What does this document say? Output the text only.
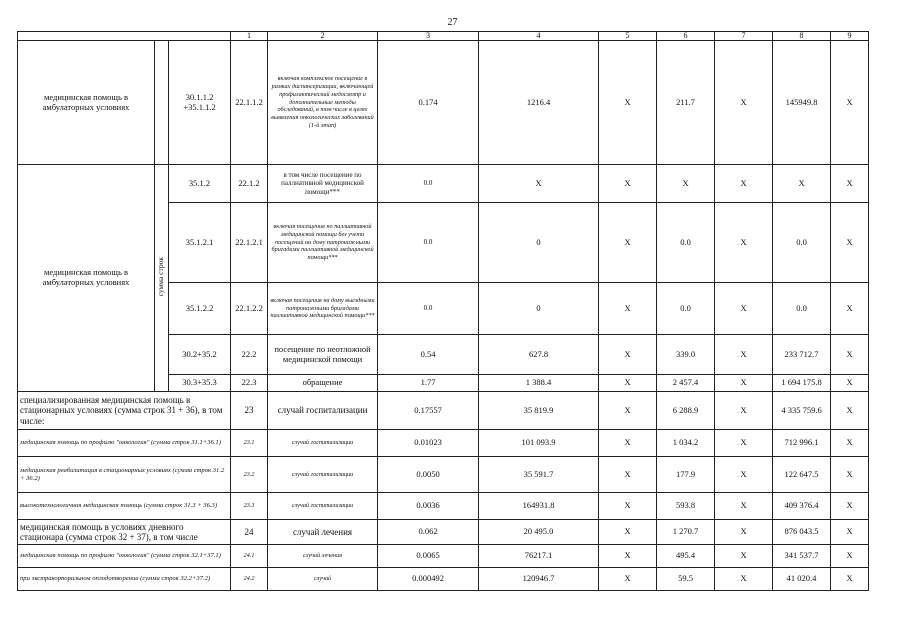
27
			1	2	3	4	5	6	7	8	9
медицинская помощь в амбулаторных условиях		30.1.1.2 +35.1.1.2	22.1.1.2	включая комплексное посещение в рамках диспансеризации, включающей профилактический медосмотр и дополнительные методы обследований, в том числе в целях выявления онкологических заболеваний (1-й этап)	0.174	1216.4	X	211.7	X	145949.8	X
медицинская помощь в амбулаторных условиях	сумма строк	35.1.2	22.1.2	в том числе посещение по паллиативной медицинской помощи***	0.0	X	X	X	X	X	X
		35.1.2.1	22.1.2.1	включая посещения по паллиативной медицинской помощи без учета посещений на дому патронажными бригадами паллиативной медицинской помощи***	0.0	0	X	0.0	X	0.0	X
		35.1.2.2	22.1.2.2	включая посещения на дому выездными патронажными бригадами паллиативной медицинской помощи***	0.0	0	X	0.0	X	0.0	X
		30.2+35.2	22.2	посещение по неотложной медицинской помощи	0.54	627.8	X	339.0	X	233 712.7	X
		30.3+35.3	22.3	обращение	1.77	1 388.4	X	2 457.4	X	1 694 175.8	X
специализированная медицинская помощь в стационарных условиях (сумма строк 31 + 36), в том числе:			23	случай госпитализации	0.17557	35 819.9	X	6 288.9	X	4 335 759.6	X
медицинская помощь по профилю "онкология" (сумма строк 31.1+36.1)			23.1	случай госпитализации	0.01023	101 093.9	X	1 034.2	X	712 996.1	X
медицинская реабилитация в стационарных условиях (сумма строк 31.2 + 36.2)			23.2	случай госпитализации	0.0050	35 591.7	X	177.9	X	122 647.5	X
высокотехнологичная медицинская помощь (сумма строк 31.3 + 36.3)			23.3	случай госпитализации	0.0036	164931.8	X	593.8	X	409 376.4	X
медицинская помощь в условиях дневного стационара (сумма строк 32 + 37), в том числе			24	случай лечения	0.062	20 495.0	X	1 270.7	X	876 043.5	X
медицинская помощь по профилю "онкология" (сумма строк 32.1+37.1)			24.1	случай лечения	0.0065	76217.1	X	495.4	X	341 537.7	X
при экстракорпоральном оплодотворении (сумма строк 32.2+37.2)			24.2	случай	0.000492	120946.7	X	59.5	X	41 020.4	X
